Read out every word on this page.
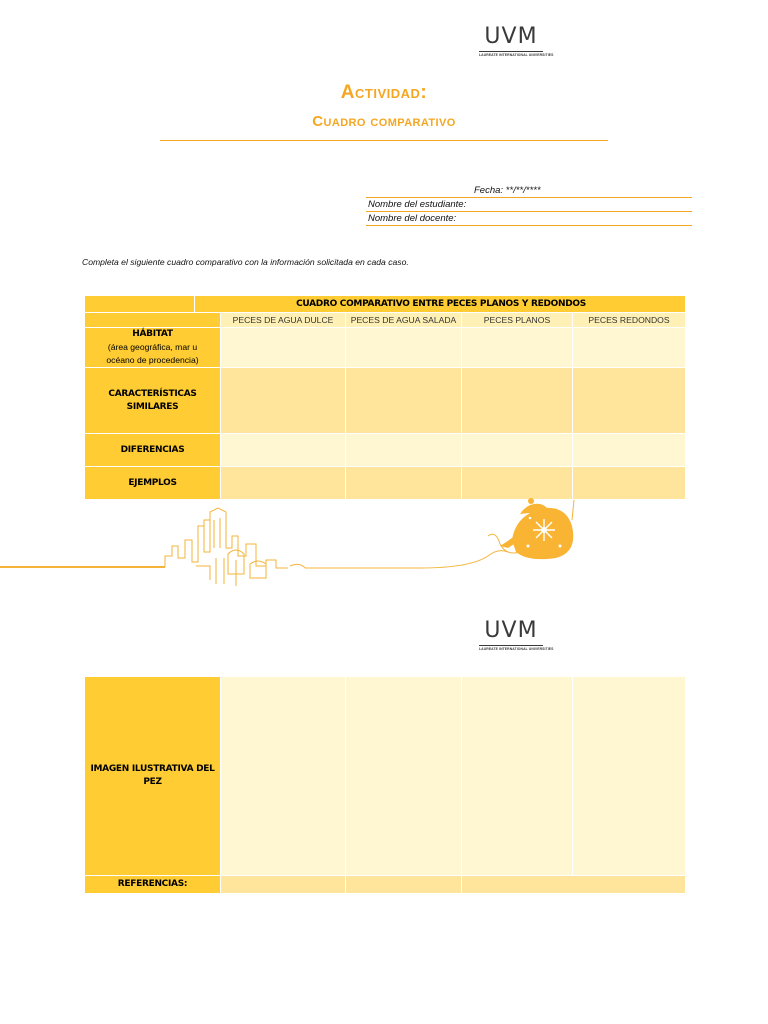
UVM
LAUREATE INTERNATIONAL UNIVERSITIES
Actividad:
Cuadro comparativo
Fecha: **/**/****
Nombre del estudiante:
Nombre del docente:
Completa el siguiente cuadro comparativo con la información solicitada en cada caso.
CUADRO COMPARATIVO ENTRE PECES PLANOS Y REDONDOS
PECES DE AGUA DULCE PECES DE AGUA SALADA	PECES PLANOS	PECES REDONDOS
HÁBITAT
(área geográfica, mar u océano de procedencia)
CARACTERÍSTICAS SIMILARES
DIFERENCIAS
EJEMPLOS
UVM
LAUREATE INTERNATIONAL UNIVERSITIES
IMAGEN ILUSTRATIVA DEL PEZ
REFERENCIAS:
